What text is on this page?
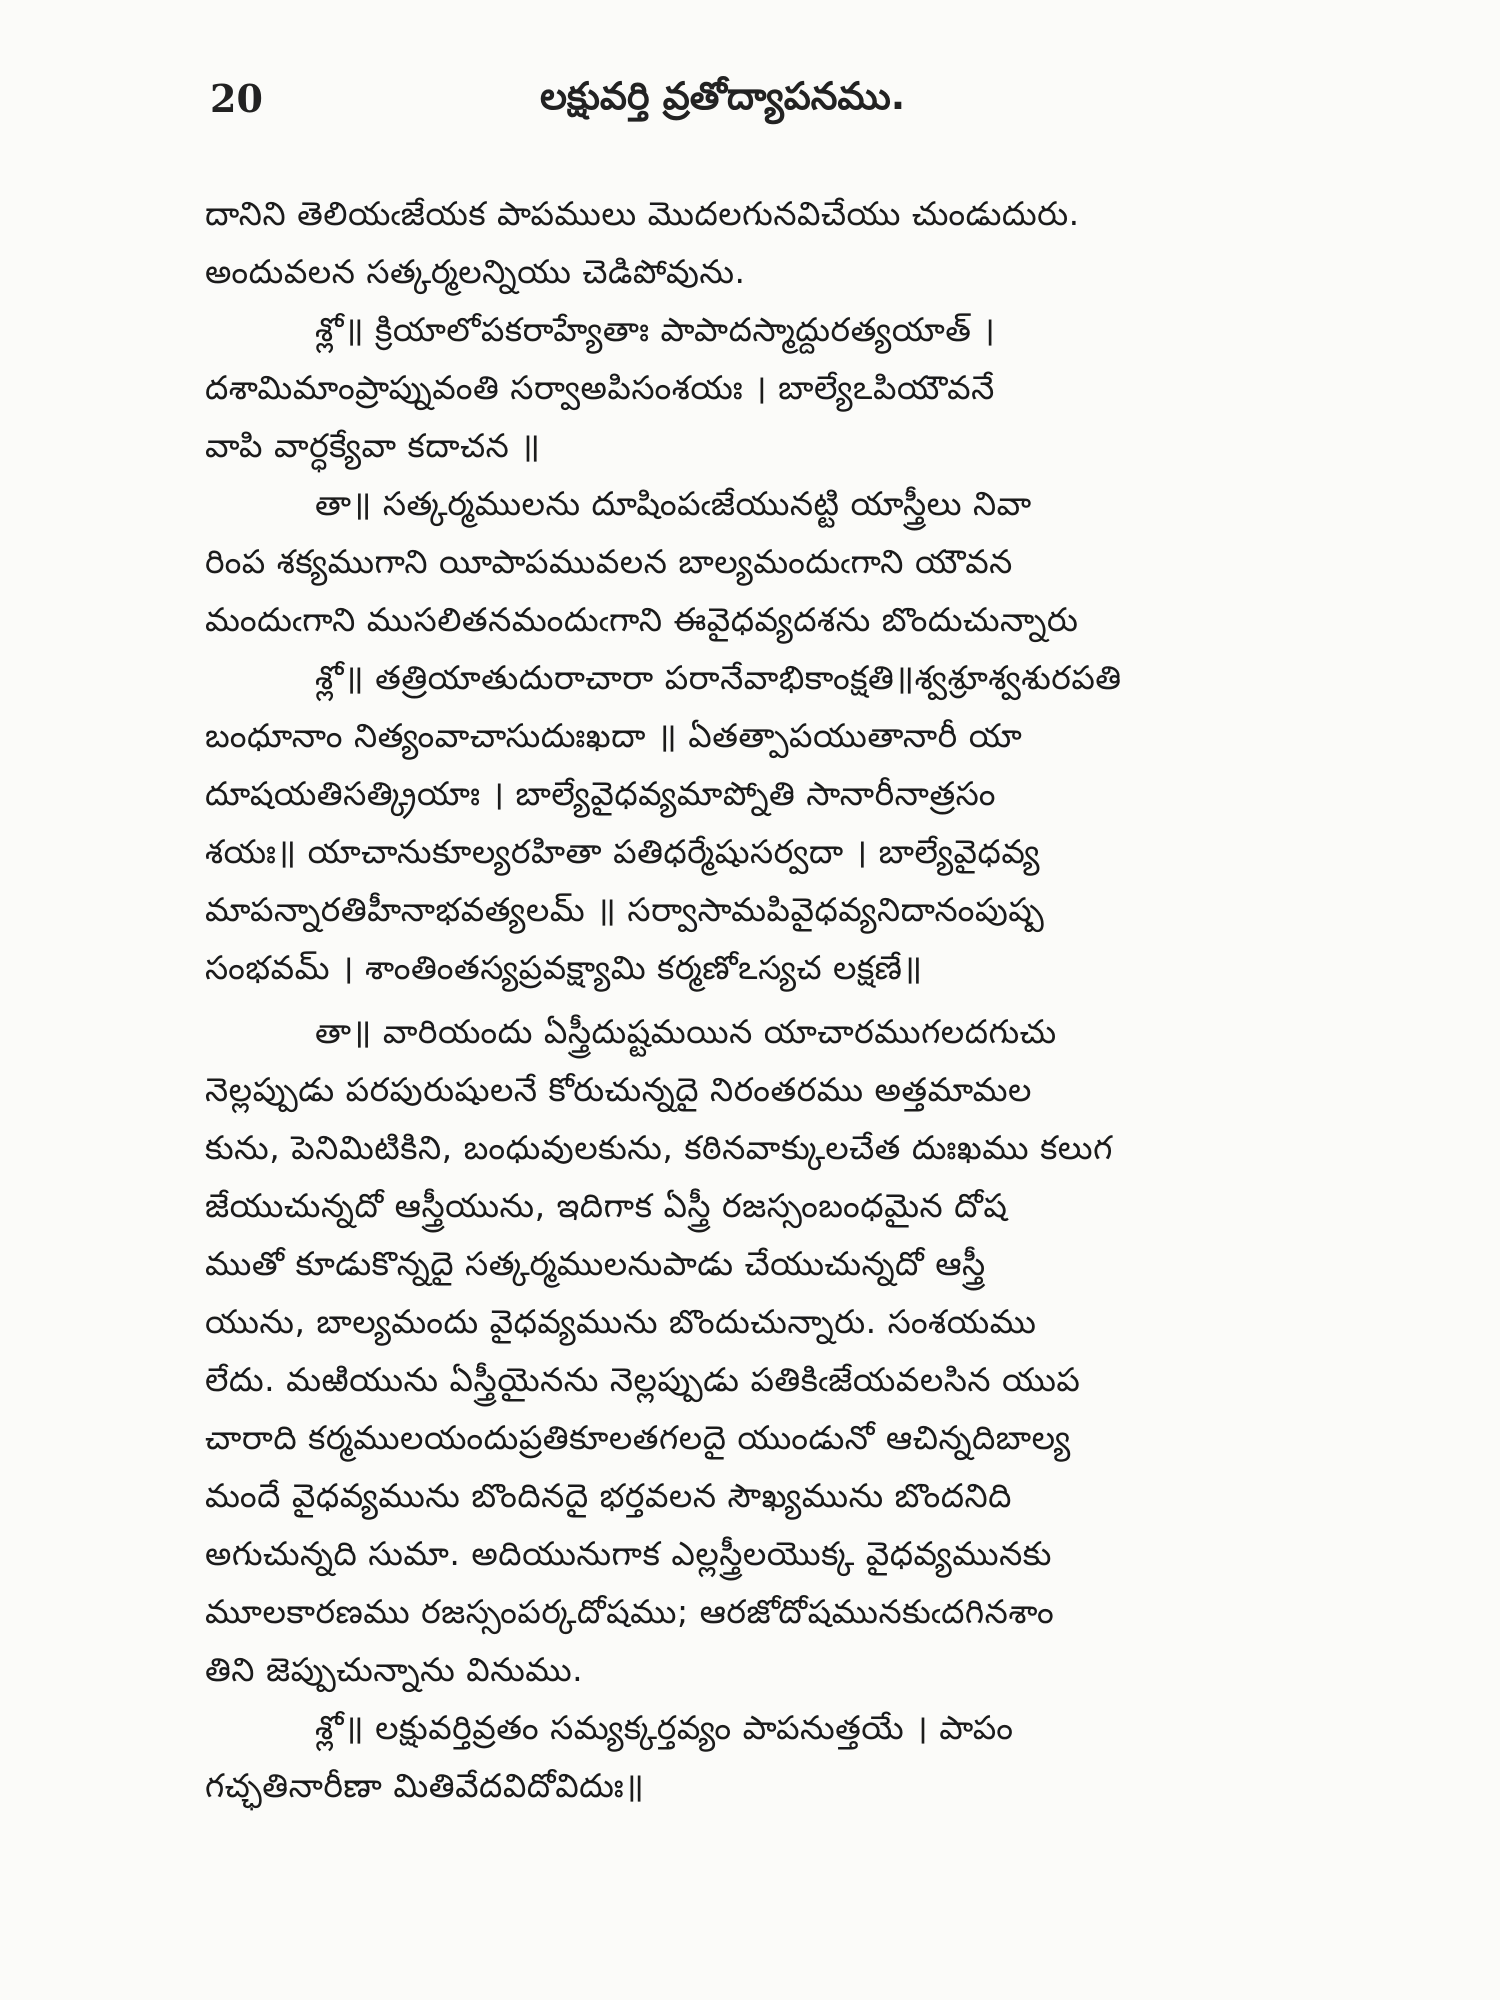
20	లక్షువర్తి వ్రతోద్యాపనము.
దానిని తెలియఁజేయక పాపములు మొదలగునవిచేయు చుండుదురు.
అందువలన సత్కర్మలన్నియు చెడిపోవును.
శ్లో॥ క్రియాలోపకరాహ్యేతాః పాపాదస్మాద్దురత్యయాత్ ।
దశామిమాంప్రాప్నువంతి సర్వాఅపిసంశయః । బాల్యేఽపియౌవనే
వాపి వార్ధక్యేవా కదాచన ॥
తా॥ సత్కర్మములను దూషింపఁజేయునట్టి యాస్త్రీలు నివా
రింప శక్యముగాని యీపాపమువలన బాల్యమందుఁగాని యౌవన
మందుఁగాని ముసలితనమందుఁగాని ఈవైధవ్యదశను బొందుచున్నారు
శ్లో॥ తత్రియాతుదురాచారా పరానేవాభికాంక్షతి॥శ్వశ్రూశ్వశురపతి
బంధూనాం నిత్యంవాచాసుదుఃఖదా ॥ ఏతత్పాపయుతానారీ యా
దూషయతిసత్క్రియాః । బాల్యేవైధవ్యమాప్నోతి సానారీనాత్రసం
శయః॥ యాచానుకూల్యరహితా పతిధర్మేషుసర్వదా । బాల్యేవైధవ్య
మాపన్నారతిహీనాభవత్యలమ్ ॥ సర్వాసామపివైధవ్యనిదానంపుష్ప
సంభవమ్ । శాంతింతస్యప్రవక్ష్యామి కర్మణోఽస్యచ లక్షణే॥
తా॥ వారియందు ఏస్త్రీదుష్టమయిన యాచారముగలదగుచు
నెల్లప్పుడు పరపురుషులనే కోరుచున్నదై నిరంతరము అత్తమామల
కును, పెనిమిటికిని, బంధువులకును, కఠినవాక్కులచేత దుఃఖము కలుగ
జేయుచున్నదో ఆస్త్రీయును, ఇదిగాక ఏస్త్రీ రజస్సంబంధమైన దోష
ముతో కూడుకొన్నదై సత్కర్మములనుపాడు చేయుచున్నదో ఆస్త్రీ
యును, బాల్యమందు వైధవ్యమును బొందుచున్నారు. సంశయము
లేదు. మఱియును ఏస్త్రీయైనను నెల్లప్పుడు పతికిఁజేయవలసిన యుప
చారాది కర్మములయందుప్రతికూలతగలదై యుండునో ఆచిన్నదిబాల్య
మందే వైధవ్యమును బొందినదై భర్తవలన సౌఖ్యమును బొందనిది
అగుచున్నది సుమా. అదియునుగాక ఎల్లస్త్రీలయొక్క వైధవ్యమునకు
మూలకారణము రజస్సంపర్కదోషము; ఆరజోదోషమునకుఁదగినశాం
తిని జెప్పుచున్నాను వినుము.
శ్లో॥ లక్షువర్తివ్రతం సమ్యక్కర్తవ్యం పాపనుత్తయే । పాపం
గచ్ఛతినారీణా మితివేదవిదోవిదుః॥
